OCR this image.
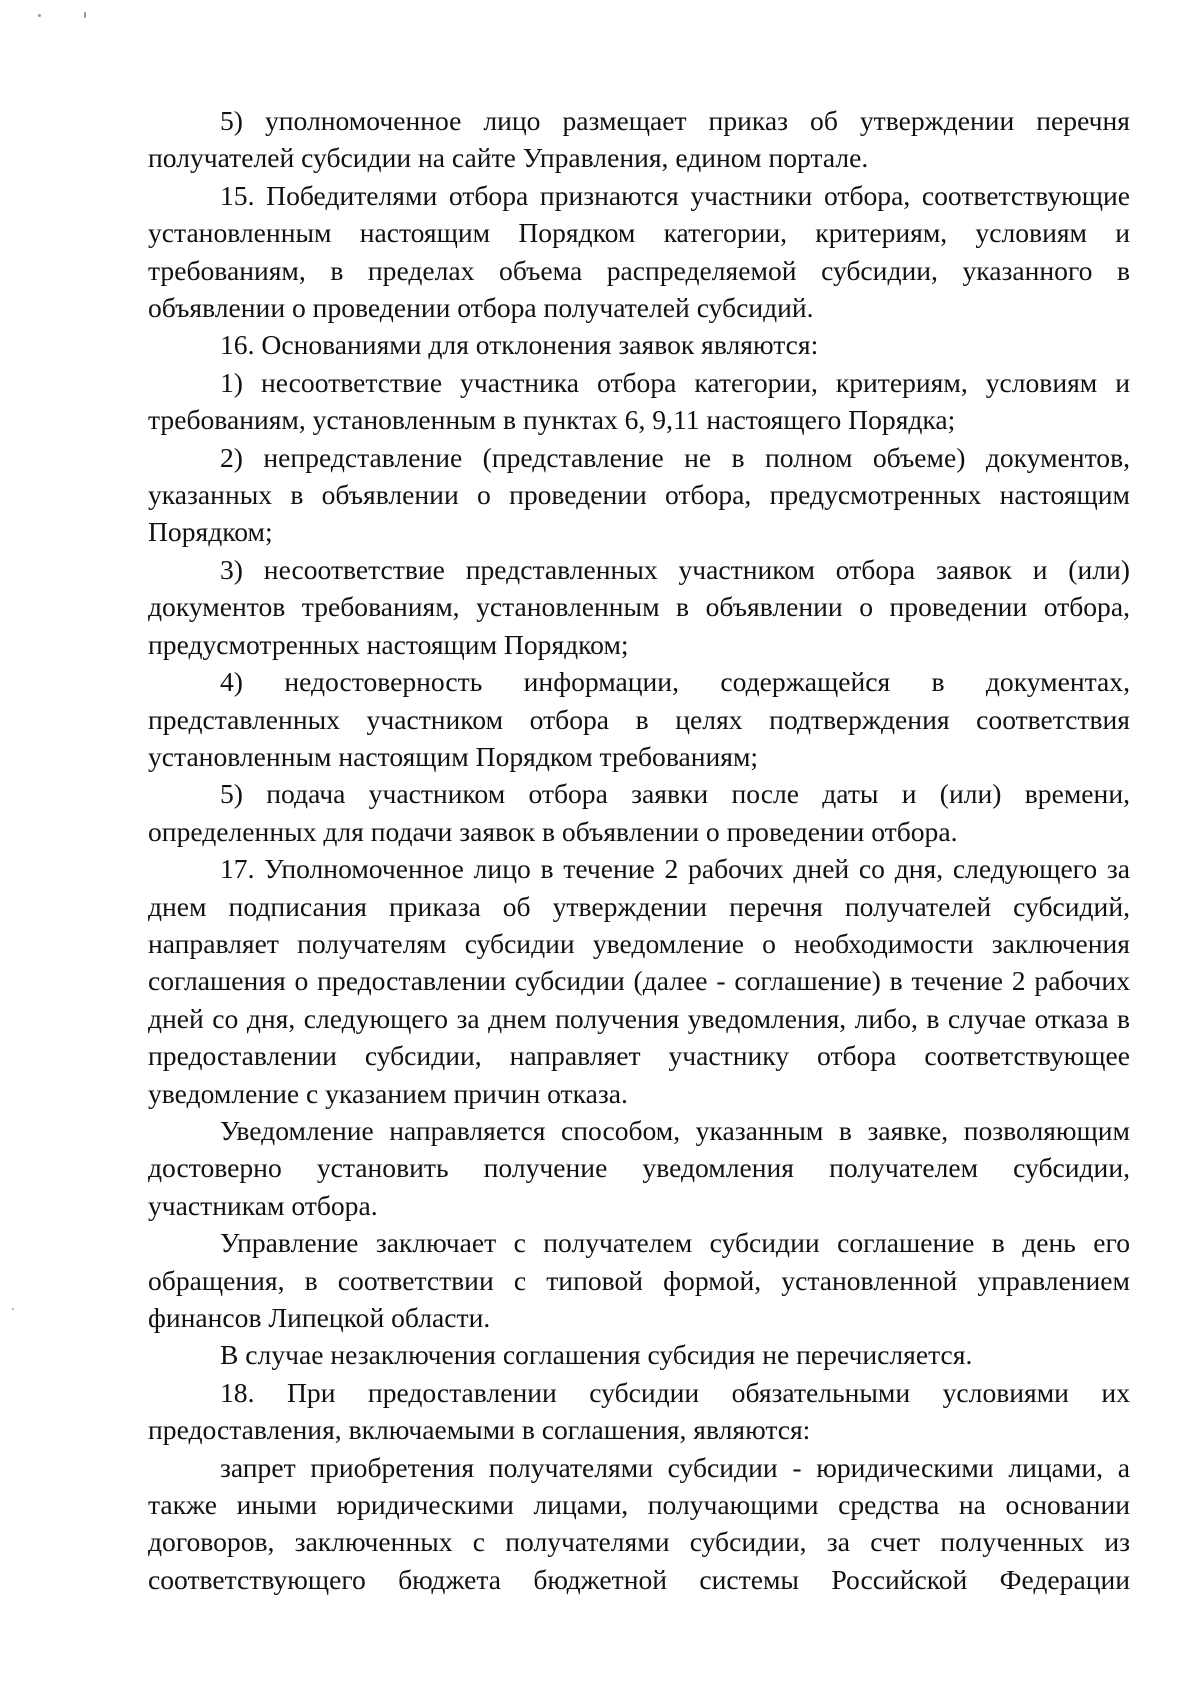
5) уполномоченное лицо размещает приказ об утверждении перечня получателей субсидии на сайте Управления, едином портале.

15. Победителями отбора признаются участники отбора, соответствующие установленным настоящим Порядком категории, критериям, условиям и требованиям, в пределах объема распределяемой субсидии, указанного в объявлении о проведении отбора получателей субсидий.

16. Основаниями для отклонения заявок являются:

1) несоответствие участника отбора категории, критериям, условиям и требованиям, установленным в пунктах 6, 9,11 настоящего Порядка;

2) непредставление (представление не в полном объеме) документов, указанных в объявлении о проведении отбора, предусмотренных настоящим Порядком;

3) несоответствие представленных участником отбора заявок и (или) документов требованиям, установленным в объявлении о проведении отбора, предусмотренных настоящим Порядком;

4) недостоверность информации, содержащейся в документах, представленных участником отбора в целях подтверждения соответствия установленным настоящим Порядком требованиям;

5) подача участником отбора заявки после даты и (или) времени, определенных для подачи заявок в объявлении о проведении отбора.

17. Уполномоченное лицо в течение 2 рабочих дней со дня, следующего за днем подписания приказа об утверждении перечня получателей субсидий, направляет получателям субсидии уведомление о необходимости заключения соглашения о предоставлении субсидии (далее - соглашение) в течение 2 рабочих дней со дня, следующего за днем получения уведомления, либо, в случае отказа в предоставлении субсидии, направляет участнику отбора соответствующее уведомление с указанием причин отказа.

Уведомление направляется способом, указанным в заявке, позволяющим достоверно установить получение уведомления получателем субсидии, участникам отбора.

Управление заключает с получателем субсидии соглашение в день его обращения, в соответствии с типовой формой, установленной управлением финансов Липецкой области.

В случае незаключения соглашения субсидия не перечисляется.

18. При предоставлении субсидии обязательными условиями их предоставления, включаемыми в соглашения, являются:

запрет приобретения получателями субсидии - юридическими лицами, а также иными юридическими лицами, получающими средства на основании договоров, заключенных с получателями субсидии, за счет полученных из соответствующего бюджета бюджетной системы Российской Федерации
